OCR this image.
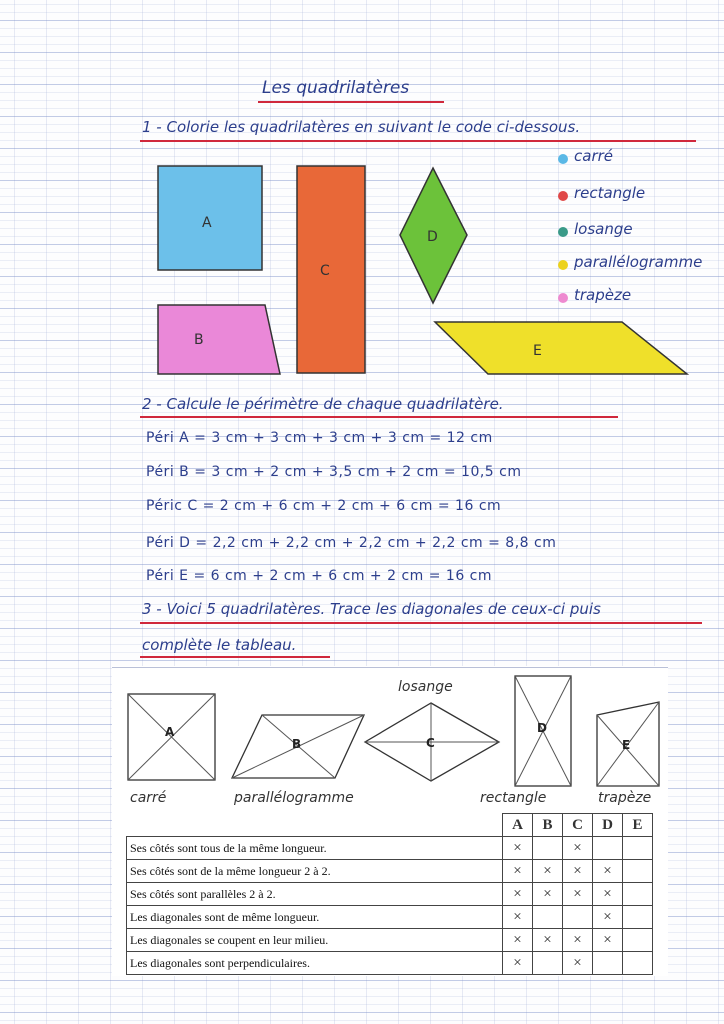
Les quadrilatères
1 - Colorie les quadrilatères en suivant le code ci-dessous.
A
B
C
D
E
carré
rectangle
losange
parallélogramme
trapèze
2 - Calcule le périmètre de chaque quadrilatère.
Péri A = 3 cm + 3 cm + 3 cm + 3 cm = 12 cm
Péri B = 3 cm + 2 cm + 3,5 cm + 2 cm = 10,5 cm
Péric C = 2 cm + 6 cm + 2 cm + 6 cm = 16 cm
Péri D = 2,2 cm + 2,2 cm + 2,2 cm + 2,2 cm = 8,8 cm
Péri E = 6 cm + 2 cm + 6 cm + 2 cm = 16 cm
3 - Voici 5 quadrilatères. Trace les diagonales de ceux-ci puis
complète le tableau.
A
B	C
D
E
carré	parallélogramme
losange
rectangle	trapèze
	A	B	C	D	E
Ses côtés sont tous de la même longueur.	×		×		
Ses côtés sont de la même longueur 2 à 2.	×	×	×	×	
Ses côtés sont parallèles 2 à 2.	×	×	×	×	
Les diagonales sont de même longueur.	×			×	
Les diagonales se coupent en leur milieu.	×	×	×	×	
Les diagonales sont perpendiculaires.	×		×		
